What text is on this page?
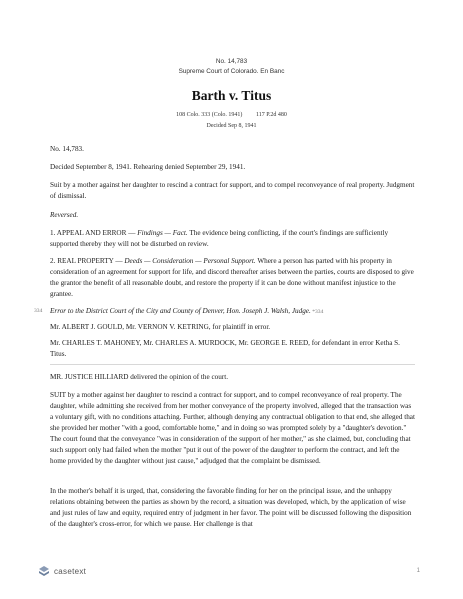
No. 14,783
Supreme Court of Colorado. En Banc
Barth v. Titus
108 Colo. 333 (Colo. 1941) 117 P.2d 480
Decided Sep 8, 1941

No. 14,783.

Decided September 8, 1941. Rehearing denied September 29, 1941.

Suit by a mother against her daughter to rescind a contract for support, and to compel reconveyance of real property. Judgment of dismissal.

Reversed.

1. APPEAL AND ERROR — Findings — Fact. The evidence being conflicting, if the court's findings are sufficiently supported thereby they will not be disturbed on review.

2. REAL PROPERTY — Deeds — Consideration — Personal Support. Where a person has parted with his property in consideration of an agreement for support for life, and discord thereafter arises between the parties, courts are disposed to give the grantor the benefit of all reasonable doubt, and restore the property if it can be done without manifest injustice to the grantee.

334 Error to the District Court of the City and County of Denver, Hon. Joseph J. Walsh, Judge. *334

Mr. ALBERT J. GOULD, Mr. VERNON V. KETRING, for plaintiff in error.

Mr. CHARLES T. MAHONEY, Mr. CHARLES A. MURDOCK, Mr. GEORGE E. REED, for defendant in error Ketha S. Titus.

MR. JUSTICE HILLIARD delivered the opinion of the court.

SUIT by a mother against her daughter to rescind a contract for support, and to compel reconveyance of real property. The daughter, while admitting she received from her mother conveyance of the property involved, alleged that the transaction was a voluntary gift, with no conditions attaching. Further, although denying any contractual obligation to that end, she alleged that she provided her mother "with a good, comfortable home," and in doing so was prompted solely by a "daughter's devotion." The court found that the conveyance "was in consideration of the support of her mother," as she claimed, but, concluding that such support only had failed when the mother "put it out of the power of the daughter to perform the contract, and left the home provided by the daughter without just cause," adjudged that the complaint be dismissed.

In the mother's behalf it is urged, that, considering the favorable finding for her on the principal issue, and the unhappy relations obtaining between the parties as shown by the record, a situation was developed, which, by the application of wise and just rules of law and equity, required entry of judgment in her favor. The point will be discussed following the disposition of the daughter's cross-error, for which we pause. Her challenge is that

casetext	1
